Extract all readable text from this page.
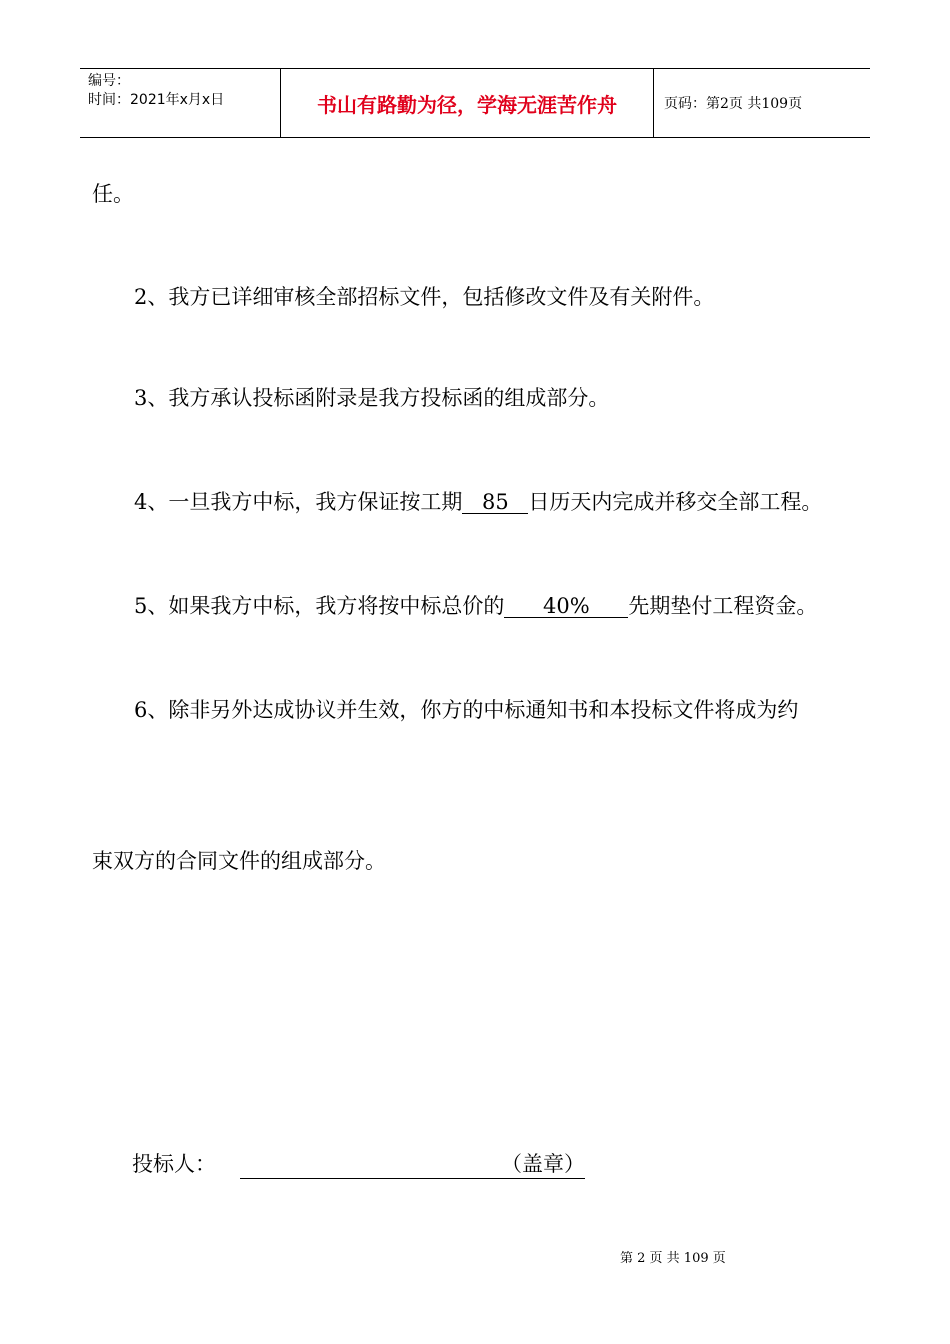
编号：
时间：2021年x月x日	书山有路勤为径，学海无涯苦作舟	页码：第2页 共109页
任。
2、我方已详细审核全部招标文件，包括修改文件及有关附件。
3、我方承认投标函附录是我方投标函的组成部分。
4、一旦我方中标，我方保证按工期 85 日历天内完成并移交全部工程。
5、如果我方中标，我方将按中标总价的 40% 先期垫付工程资金。
6、除非另外达成协议并生效，你方的中标通知书和本投标文件将成为约
束双方的合同文件的组成部分。
投标人：	（盖章）
第 2 页 共 109 页
